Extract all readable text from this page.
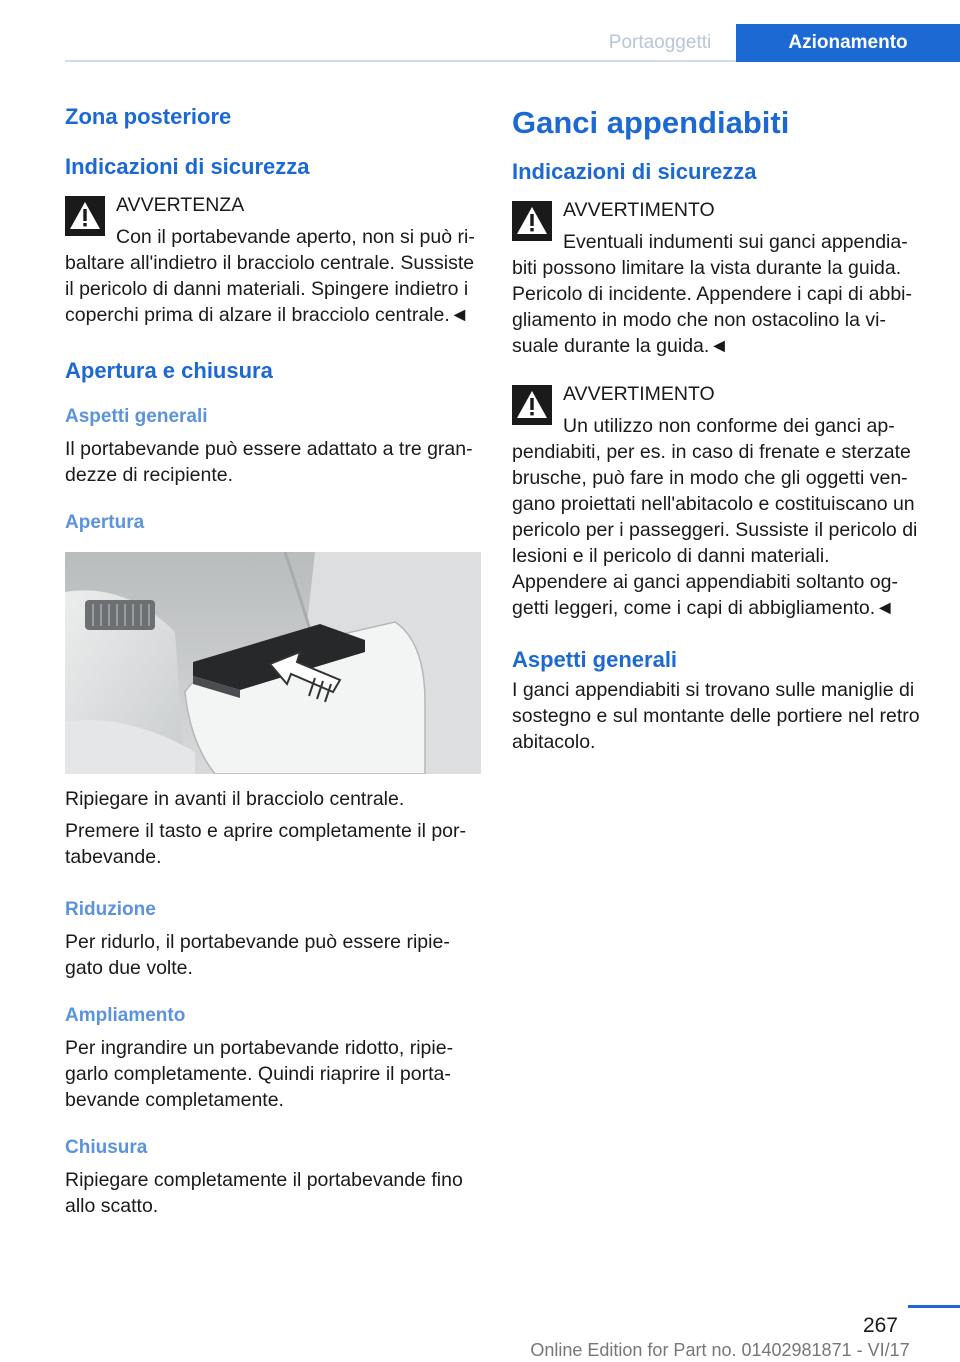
Portaoggetti	Azionamento
Zona posteriore
Indicazioni di sicurezza
AVVERTENZA
Con il portabevande aperto, non si può ribaltare all'indietro il bracciolo centrale. Sussiste il pericolo di danni materiali. Spingere indietro i coperchi prima di alzare il bracciolo centrale.◄
Apertura e chiusura
Aspetti generali
Il portabevande può essere adattato a tre grandezze di recipiente.
Apertura
Ripiegare in avanti il bracciolo centrale.
Premere il tasto e aprire completamente il portabevande.
Riduzione
Per ridurlo, il portabevande può essere ripiegato due volte.
Ampliamento
Per ingrandire un portabevande ridotto, ripiegarlo completamente. Quindi riaprire il portabevande completamente.
Chiusura
Ripiegare completamente il portabevande fino allo scatto.
Ganci appendiabiti
Indicazioni di sicurezza
AVVERTIMENTO
Eventuali indumenti sui ganci appendiabiti possono limitare la vista durante la guida. Pericolo di incidente. Appendere i capi di abbigliamento in modo che non ostacolino la visuale durante la guida.◄
AVVERTIMENTO
Un utilizzo non conforme dei ganci appendiabiti, per es. in caso di frenate e sterzate brusche, può fare in modo che gli oggetti vengano proiettati nell'abitacolo e costituiscano un pericolo per i passeggeri. Sussiste il pericolo di lesioni e il pericolo di danni materiali. Appendere ai ganci appendiabiti soltanto oggetti leggeri, come i capi di abbigliamento.◄
Aspetti generali
I ganci appendiabiti si trovano sulle maniglie di sostegno e sul montante delle portiere nel retro abitacolo.
267
Online Edition for Part no. 01402981871 - VI/17
